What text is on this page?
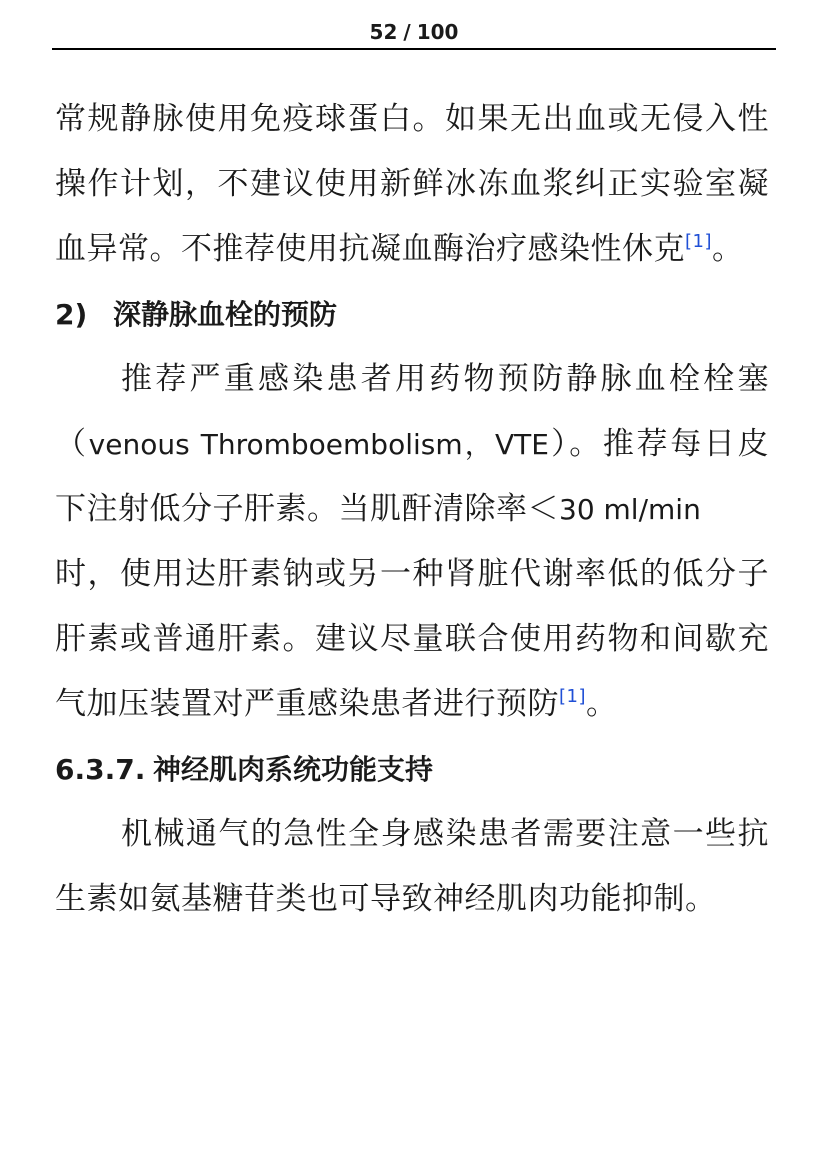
52 / 100

常规静脉使用免疫球蛋白。如果无出血或无侵入性操作计划，不建议使用新鲜冰冻血浆纠正实验室凝血异常。不推荐使用抗凝血酶治疗感染性休克[1]。

2) 深静脉血栓的预防

推荐严重感染患者用药物预防静脉血栓栓塞（venous Thromboembolism，VTE）。推荐每日皮下注射低分子肝素。当肌酐清除率＜30 ml/min
时，使用达肝素钠或另一种肾脏代谢率低的低分子肝素或普通肝素。建议尽量联合使用药物和间歇充气加压装置对严重感染患者进行预防[1]。

6.3.7. 神经肌肉系统功能支持

机械通气的急性全身感染患者需要注意一些抗生素如氨基糖苷类也可导致神经肌肉功能抑制。
